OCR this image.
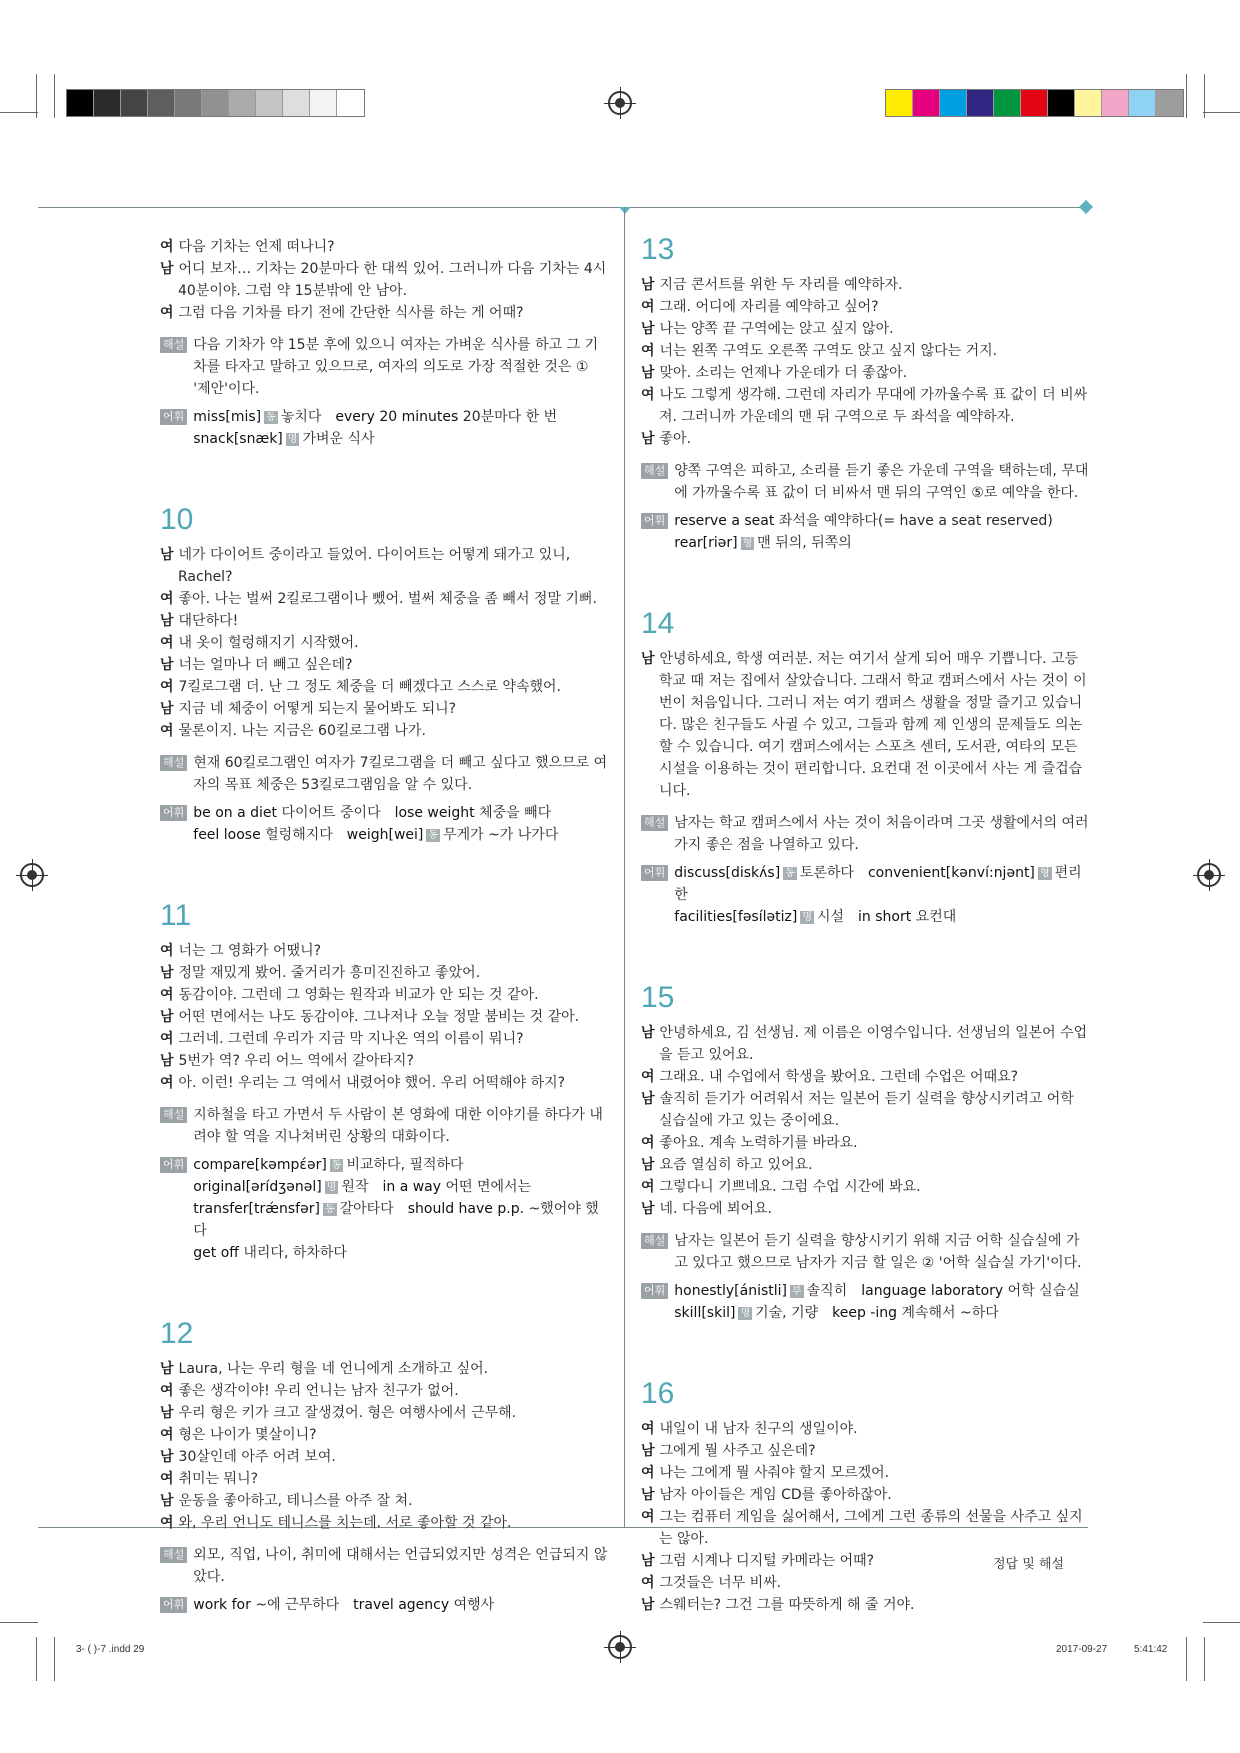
여 다음 기차는 언제 떠나니?
남 어디 보자… 기차는 20분마다 한 대씩 있어. 그러니까 다음 기차는 4시 40분이야. 그럼 약 15분밖에 안 남아.
여 그럼 다음 기차를 타기 전에 간단한 식사를 하는 게 어때?
해설 다음 기차가 약 15분 후에 있으니 여자는 가벼운 식사를 하고 그 기차를 타자고 말하고 있으므로, 여자의 의도로 가장 적절한 것은 ① '제안'이다.
어휘 miss[mis] 동 놓치다 every 20 minutes 20분마다 한 번
snack[snæk] 명 가벼운 식사
10
남 네가 다이어트 중이라고 들었어. 다이어트는 어떻게 돼가고 있니, Rachel?
여 좋아. 나는 벌써 2킬로그램이나 뺐어. 벌써 체중을 좀 빼서 정말 기뻐.
남 대단하다!
여 내 옷이 헐렁해지기 시작했어.
남 너는 얼마나 더 빼고 싶은데?
여 7킬로그램 더. 난 그 정도 체중을 더 빼겠다고 스스로 약속했어.
남 지금 네 체중이 어떻게 되는지 물어봐도 되니?
여 물론이지. 나는 지금은 60킬로그램 나가.
해설 현재 60킬로그램인 여자가 7킬로그램을 더 빼고 싶다고 했으므로 여자의 목표 체중은 53킬로그램임을 알 수 있다.
어휘 be on a diet 다이어트 중이다 lose weight 체중을 빼다
feel loose 헐렁해지다 weigh[wei] 동 무게가 ~가 나가다
11
여 너는 그 영화가 어땠니?
남 정말 재밌게 봤어. 줄거리가 흥미진진하고 좋았어.
여 동감이야. 그런데 그 영화는 원작과 비교가 안 되는 것 같아.
남 어떤 면에서는 나도 동감이야. 그나저나 오늘 정말 붐비는 것 같아.
여 그러네. 그런데 우리가 지금 막 지나온 역의 이름이 뭐니?
남 5번가 역? 우리 어느 역에서 갈아타지?
여 아. 이런! 우리는 그 역에서 내렸어야 했어. 우리 어떡해야 하지?
해설 지하철을 타고 가면서 두 사람이 본 영화에 대한 이야기를 하다가 내려야 할 역을 지나쳐버린 상황의 대화이다.
어휘 compare[kəmpέər] 동 비교하다, 필적하다
original[ərídʒənəl] 명 원작 in a way 어떤 면에서는
transfer[trǽnsfər] 동 갈아타다 should have p.p. ~했어야 했다
get off 내리다, 하차하다
12
남 Laura, 나는 우리 형을 네 언니에게 소개하고 싶어.
여 좋은 생각이야! 우리 언니는 남자 친구가 없어.
남 우리 형은 키가 크고 잘생겼어. 형은 여행사에서 근무해.
여 형은 나이가 몇살이니?
남 30살인데 아주 어려 보여.
여 취미는 뭐니?
남 운동을 좋아하고, 테니스를 아주 잘 쳐.
여 와, 우리 언니도 테니스를 치는데. 서로 좋아할 것 같아.
해설 외모, 직업, 나이, 취미에 대해서는 언급되었지만 성격은 언급되지 않았다.
어휘 work for ~에 근무하다 travel agency 여행사
13
남 지금 콘서트를 위한 두 자리를 예약하자.
여 그래. 어디에 자리를 예약하고 싶어?
남 나는 양쪽 끝 구역에는 앉고 싶지 않아.
여 너는 왼쪽 구역도 오른쪽 구역도 앉고 싶지 않다는 거지.
남 맞아. 소리는 언제나 가운데가 더 좋잖아.
여 나도 그렇게 생각해. 그런데 자리가 무대에 가까울수록 표 값이 더 비싸져. 그러니까 가운데의 맨 뒤 구역으로 두 좌석을 예약하자.
남 좋아.
해설 양쪽 구역은 피하고, 소리를 듣기 좋은 가운데 구역을 택하는데, 무대에 가까울수록 표 값이 더 비싸서 맨 뒤의 구역인 ⑤로 예약을 한다.
어휘 reserve a seat 좌석을 예약하다(= have a seat reserved)
rear[riər] 형 맨 뒤의, 뒤쪽의
14
남 안녕하세요, 학생 여러분. 저는 여기서 살게 되어 매우 기쁩니다. 고등학교 때 저는 집에서 살았습니다. 그래서 학교 캠퍼스에서 사는 것이 이번이 처음입니다. 그러니 저는 여기 캠퍼스 생활을 정말 즐기고 있습니다. 많은 친구들도 사귈 수 있고, 그들과 함께 제 인생의 문제들도 의논할 수 있습니다. 여기 캠퍼스에서는 스포츠 센터, 도서관, 여타의 모든 시설을 이용하는 것이 편리합니다. 요컨대 전 이곳에서 사는 게 즐겁습니다.
해설 남자는 학교 캠퍼스에서 사는 것이 처음이라며 그곳 생활에서의 여러 가지 좋은 점을 나열하고 있다.
어휘 discuss[diskʌ́s] 동 토론하다 convenient[kənví:njənt] 형 편리한
facilities[fəsílətiz] 명 시설 in short 요컨대
15
남 안녕하세요, 김 선생님. 제 이름은 이영수입니다. 선생님의 일본어 수업을 듣고 있어요.
여 그래요. 내 수업에서 학생을 봤어요. 그런데 수업은 어때요?
남 솔직히 듣기가 어려워서 저는 일본어 듣기 실력을 향상시키려고 어학 실습실에 가고 있는 중이에요.
여 좋아요. 계속 노력하기를 바라요.
남 요즘 열심히 하고 있어요.
여 그렇다니 기쁘네요. 그럼 수업 시간에 봐요.
남 네. 다음에 뵈어요.
해설 남자는 일본어 듣기 실력을 향상시키기 위해 지금 어학 실습실에 가고 있다고 했으므로 남자가 지금 할 일은 ② '어학 실습실 가기'이다.
어휘 honestly[ánistli] 부 솔직히 language laboratory 어학 실습실
skill[skil] 명 기술, 기량 keep -ing 계속해서 ~하다
16
여 내일이 내 남자 친구의 생일이야.
남 그에게 뭘 사주고 싶은데?
여 나는 그에게 뭘 사줘야 할지 모르겠어.
남 남자 아이들은 게임 CD를 좋아하잖아.
여 그는 컴퓨터 게임을 싫어해서, 그에게 그런 종류의 선물을 사주고 싶지는 않아.
남 그럼 시계나 디지털 카메라는 어때?
여 그것들은 너무 비싸.
남 스웨터는? 그건 그를 따뜻하게 해 줄 거야.
정답 및 해설
3- ( )-7 .indd 29	2017-09-27	5:41:42
